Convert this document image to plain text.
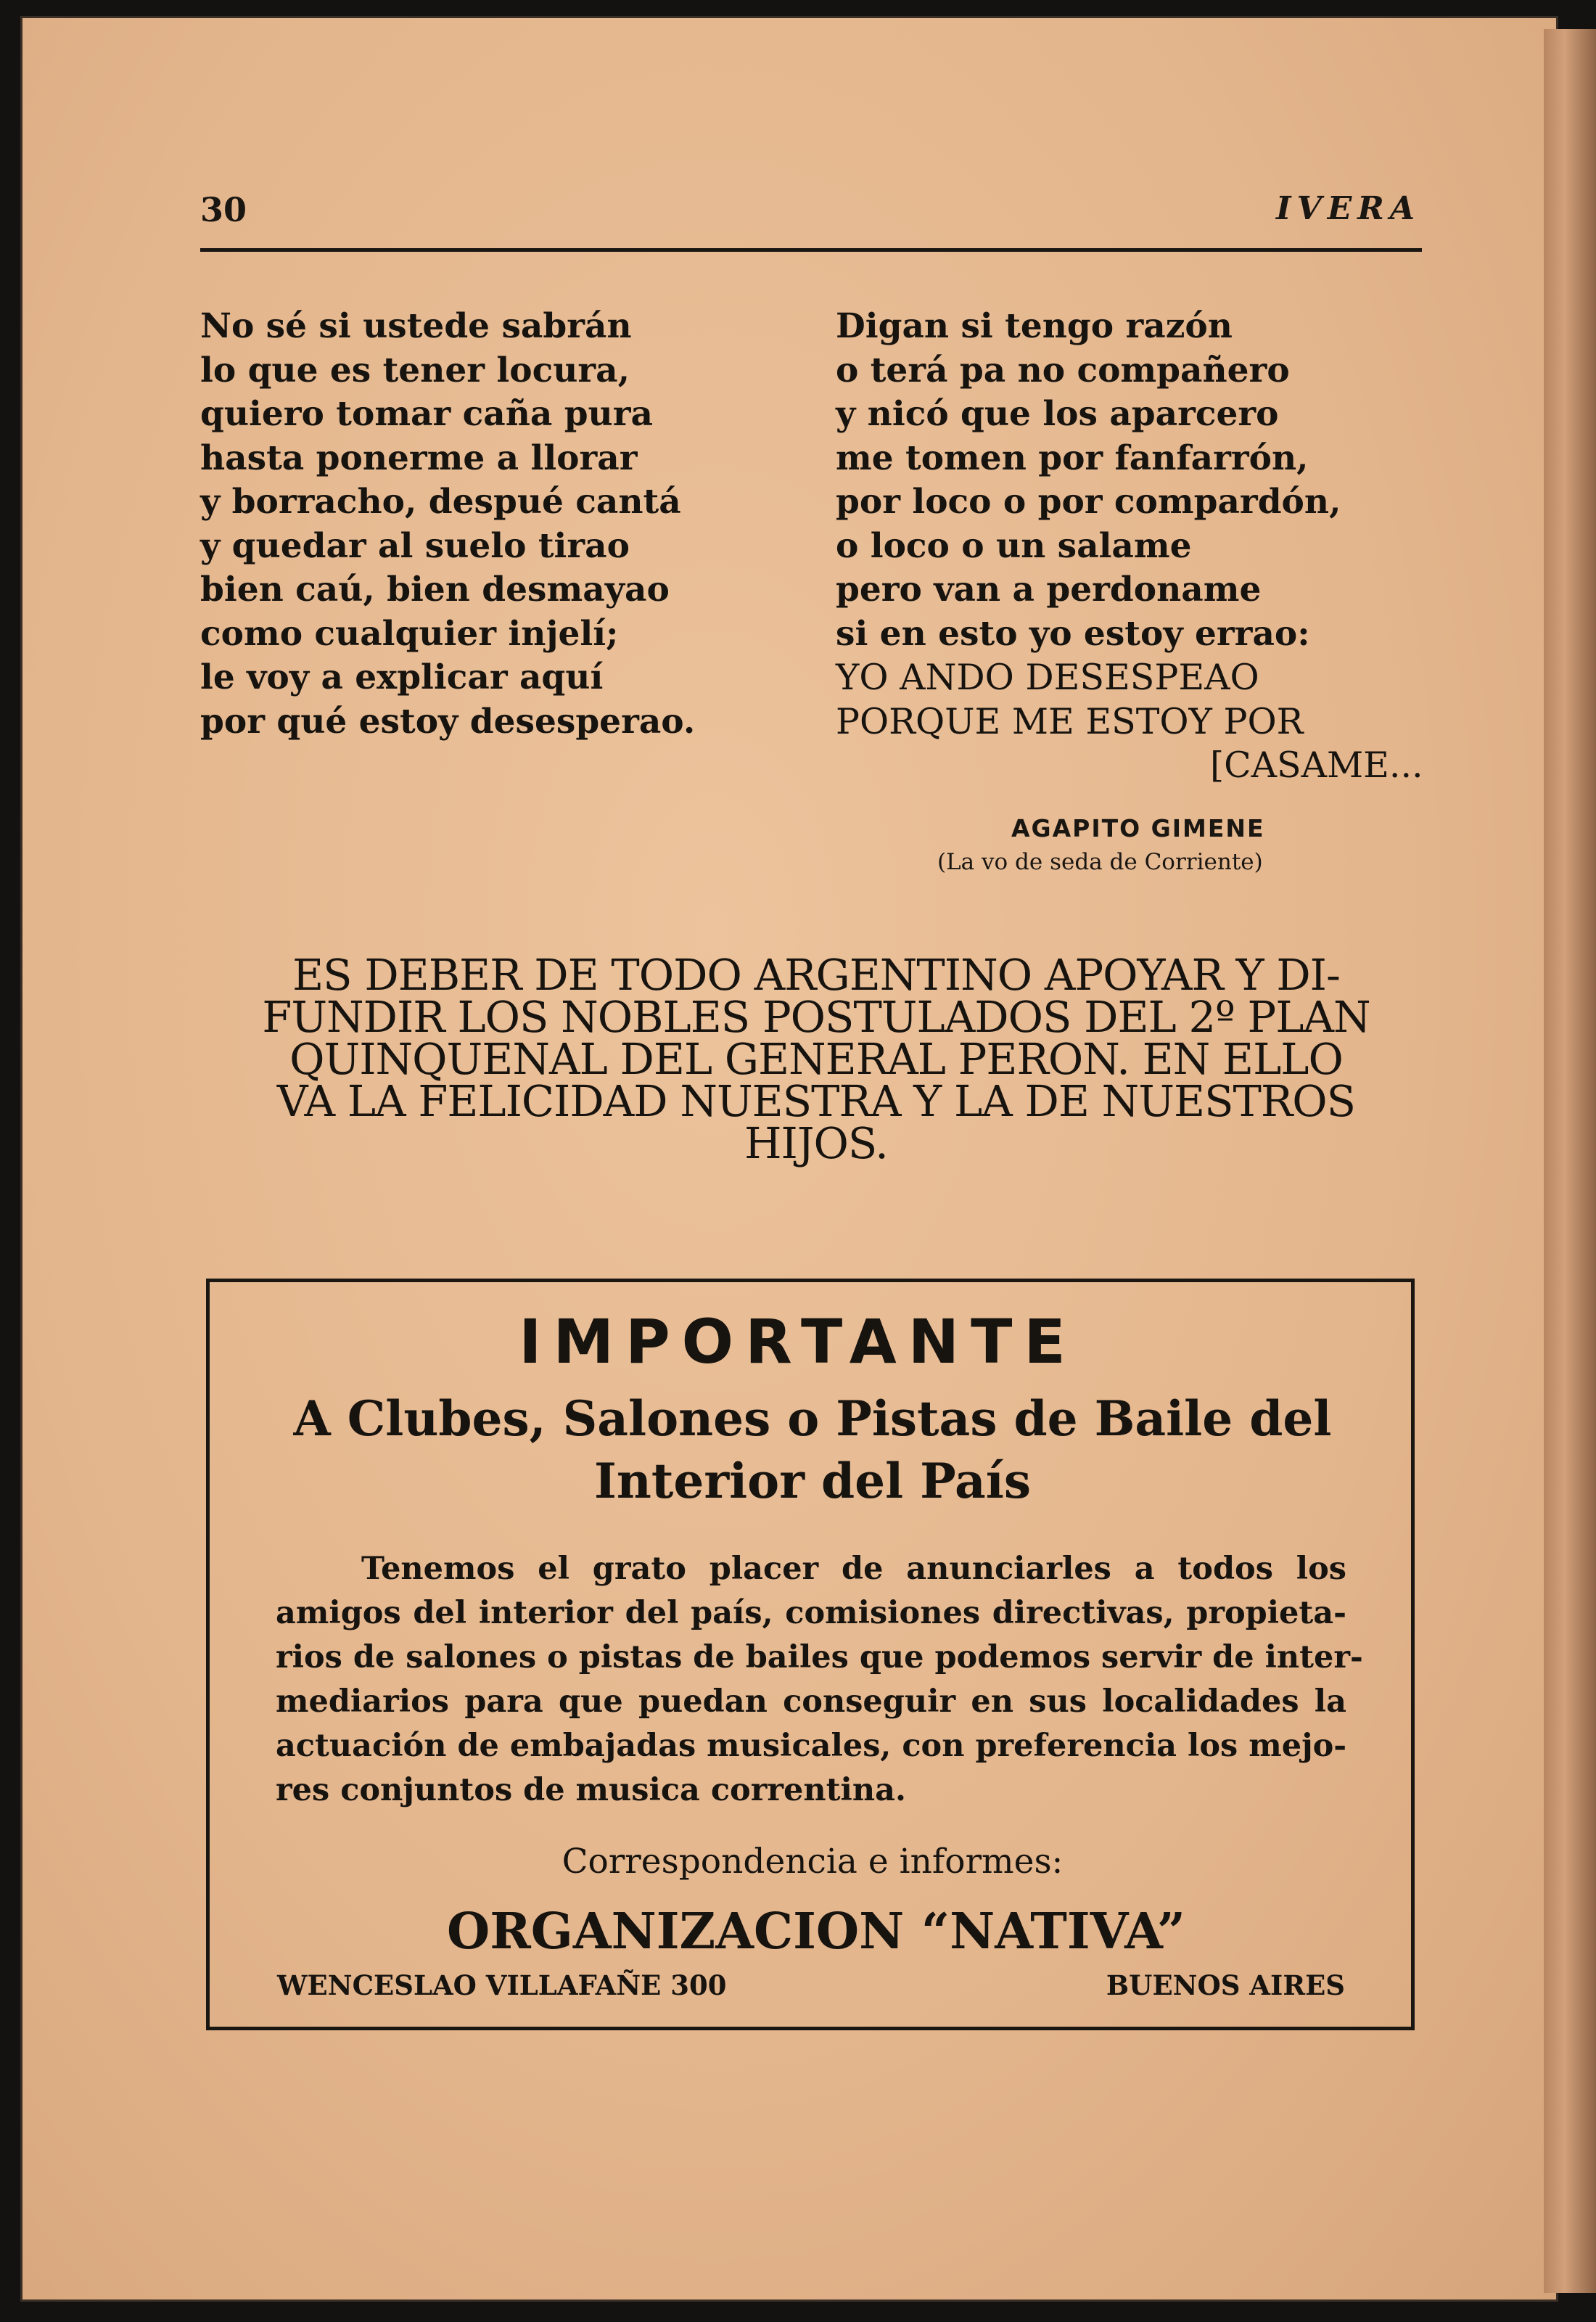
30	IVERA
No sé si ustede sabrán
lo que es tener locura,
quiero tomar caña pura
hasta ponerme a llorar
y borracho, despué cantá
y quedar al suelo tirao
bien caú, bien desmayao
como cualquier injelí;
le voy a explicar aquí
por qué estoy desesperao.
Digan si tengo razón
o terá pa no compañero
y nicó que los aparcero
me tomen por fanfarrón,
por loco o por compardón,
o loco o un salame
pero van a perdoname
si en esto yo estoy errao:
YO ANDO DESESPEAO
PORQUE ME ESTOY POR
[CASAME...
AGAPITO GIMENE
(La vo de seda de Corriente)
ES DEBER DE TODO ARGENTINO APOYAR Y DI-
FUNDIR LOS NOBLES POSTULADOS DEL 2º PLAN
QUINQUENAL DEL GENERAL PERON. EN ELLO
VA LA FELICIDAD NUESTRA Y LA DE NUESTROS
HIJOS.
IMPORTANTE
A Clubes, Salones o Pistas de Baile del
Interior del País
Tenemos el grato placer de anunciarles a todos los
amigos del interior del país, comisiones directivas, propieta-
rios de salones o pistas de bailes que podemos servir de inter-
mediarios para que puedan conseguir en sus localidades la
actuación de embajadas musicales, con preferencia los mejo-
res conjuntos de musica correntina.
Correspondencia e informes:
ORGANIZACION “NATIVA”
WENCESLAO VILLAFAÑE 300	BUENOS AIRES
